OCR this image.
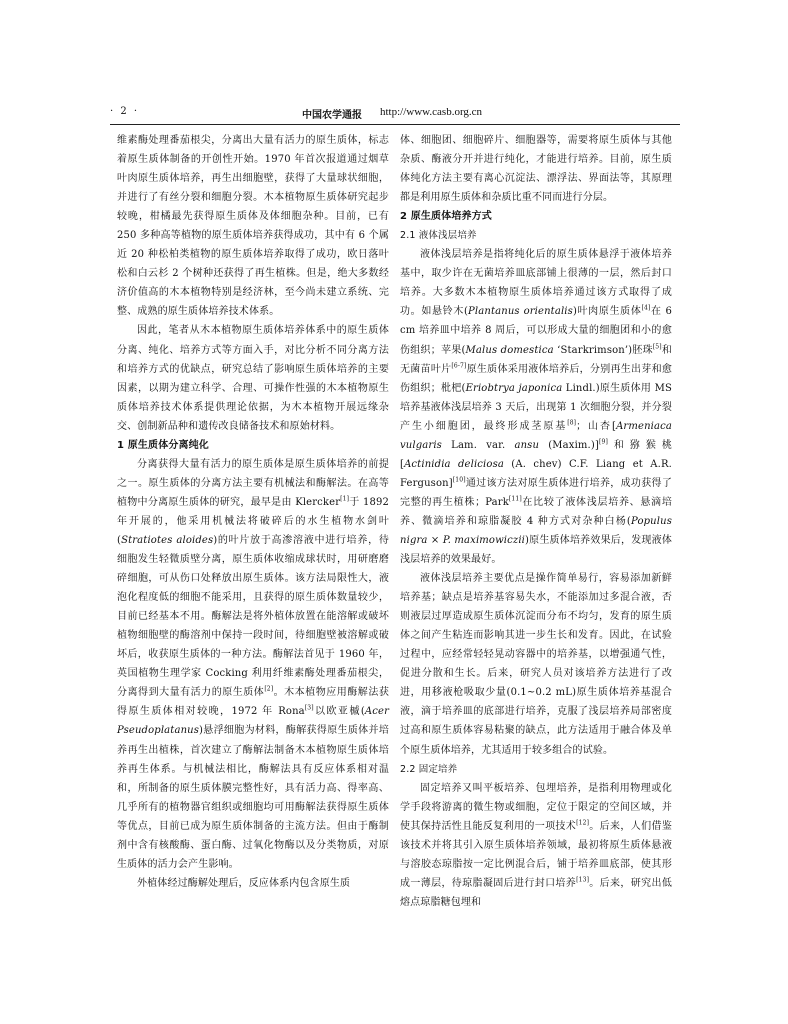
· 2 ·	中国农学通报 http://www.casb.org.cn

维素酶处理番茄根尖，分离出大量有活力的原生质体，标志着原生质体制备的开创性开始。1970 年首次报道通过烟草叶肉原生质体培养，再生出细胞壁，获得了大量球状细胞，并进行了有丝分裂和细胞分裂。木本植物原生质体研究起步较晚，柑橘最先获得原生质体及体细胞杂种。目前，已有 250 多种高等植物的原生质体培养获得成功，其中有 6 个属近 20 种松柏类植物的原生质体培养取得了成功，欧日落叶松和白云杉 2 个树种还获得了再生植株。但是，绝大多数经济价值高的木本植物特别是经济林，至今尚未建立系统、完整、成熟的原生质体培养技术体系。

因此，笔者从木本植物原生质体培养体系中的原生质体分离、纯化、培养方式等方面入手，对比分析不同分离方法和培养方式的优缺点，研究总结了影响原生质体培养的主要因素，以期为建立科学、合理、可操作性强的木本植物原生质体培养技术体系提供理论依据，为木本植物开展远缘杂交、创制新品种和遗传改良储备技术和原始材料。

1 原生质体分离纯化

分离获得大量有活力的原生质体是原生质体培养的前提之一。原生质体的分离方法主要有机械法和酶解法。在高等植物中分离原生质体的研究，最早是由 Klercker[1]于 1892 年开展的，他采用机械法将破碎后的水生植物水剑叶(Stratiotes aloides)的叶片放于高渗溶液中进行培养，待细胞发生轻微质壁分离，原生质体收缩成球状时，用研磨磨碎细胞，可从伤口处释放出原生质体。该方法局限性大，液泡化程度低的细胞不能采用，且获得的原生质体数量较少，目前已经基本不用。酶解法是将外植体放置在能溶解或破坏植物细胞壁的酶溶剂中保持一段时间，待细胞壁被溶解或破坏后，收获原生质体的一种方法。酶解法首见于 1960 年，英国植物生理学家 Cocking 利用纤维素酶处理番茄根尖，分离得到大量有活力的原生质体[2]。木本植物应用酶解法获得原生质体相对较晚，1972 年 Rona[3]以欧亚槭(Acer Pseudoplatanus)悬浮细胞为材料，酶解获得原生质体并培养再生出植株，首次建立了酶解法制备木本植物原生质体培养再生体系。与机械法相比，酶解法具有反应体系相对温和，所制备的原生质体膜完整性好，具有活力高、得率高、几乎所有的植物器官组织或细胞均可用酶解法获得原生质体等优点，目前已成为原生质体制备的主流方法。但由于酶制剂中含有核酸酶、蛋白酶、过氧化物酶以及分类物质，对原生质体的活力会产生影响。

外植体经过酶解处理后，反应体系内包含原生质

体、细胞团、细胞碎片、细胞器等，需要将原生质体与其他杂质、酶液分开并进行纯化，才能进行培养。目前，原生质体纯化方法主要有离心沉淀法、漂浮法、界面法等，其原理都是利用原生质体和杂质比重不同而进行分层。

2 原生质体培养方式

2.1 液体浅层培养

液体浅层培养是指将纯化后的原生质体悬浮于液体培养基中，取少许在无菌培养皿底部铺上很薄的一层，然后封口培养。大多数木本植物原生质体培养通过该方式取得了成功。如悬铃木(Plantanus orientalis)叶肉原生质体[4]在 6 cm 培养皿中培养 8 周后，可以形成大量的细胞团和小的愈伤组织；苹果(Malus domestica ‘Starkrimson’)胚珠[5]和无菌苗叶片[6-7]原生质体采用液体培养后，分别再生出芽和愈伤组织；枇杷(Eriobtrya japonica Lindl.)原生质体用 MS 培养基液体浅层培养 3 天后，出现第 1 次细胞分裂，并分裂产生小细胞团，最终形成茎原基[8]；山杏[Armeniaca vulgaris Lam. var. ansu (Maxim.)][9]和猕猴桃[Actinidia deliciosa (A. chev) C.F. Liang et A.R. Ferguson][10]通过该方法对原生质体进行培养，成功获得了完整的再生植株；Park[11]在比较了液体浅层培养、悬滴培养、微滴培养和琼脂凝胶 4 种方式对杂种白杨(Populus nigra × P. maximowiczii)原生质体培养效果后，发现液体浅层培养的效果最好。

液体浅层培养主要优点是操作简单易行，容易添加新鲜培养基；缺点是培养基容易失水，不能添加过多混合液，否则液层过厚造成原生质体沉淀而分布不均匀，发育的原生质体之间产生粘连而影响其进一步生长和发育。因此，在试验过程中，应经常轻轻晃动容器中的培养基，以增强通气性，促进分散和生长。后来，研究人员对该培养方法进行了改进，用移液枪吸取少量(0.1~0.2 mL)原生质体培养基混合液，滴于培养皿的底部进行培养，克服了浅层培养局部密度过高和原生质体容易粘聚的缺点，此方法适用于融合体及单个原生质体培养，尤其适用于较多组合的试验。

2.2 固定培养

固定培养又叫平板培养、包埋培养，是指利用物理或化学手段将游离的微生物或细胞，定位于限定的空间区域，并使其保持活性且能反复利用的一项技术[12]。后来，人们借鉴该技术并将其引入原生质体培养领域，最初将原生质体悬液与溶胶态琼脂按一定比例混合后，铺于培养皿底部，使其形成一薄层，待琼脂凝固后进行封口培养[13]。后来，研究出低熔点琼脂糖包埋和
